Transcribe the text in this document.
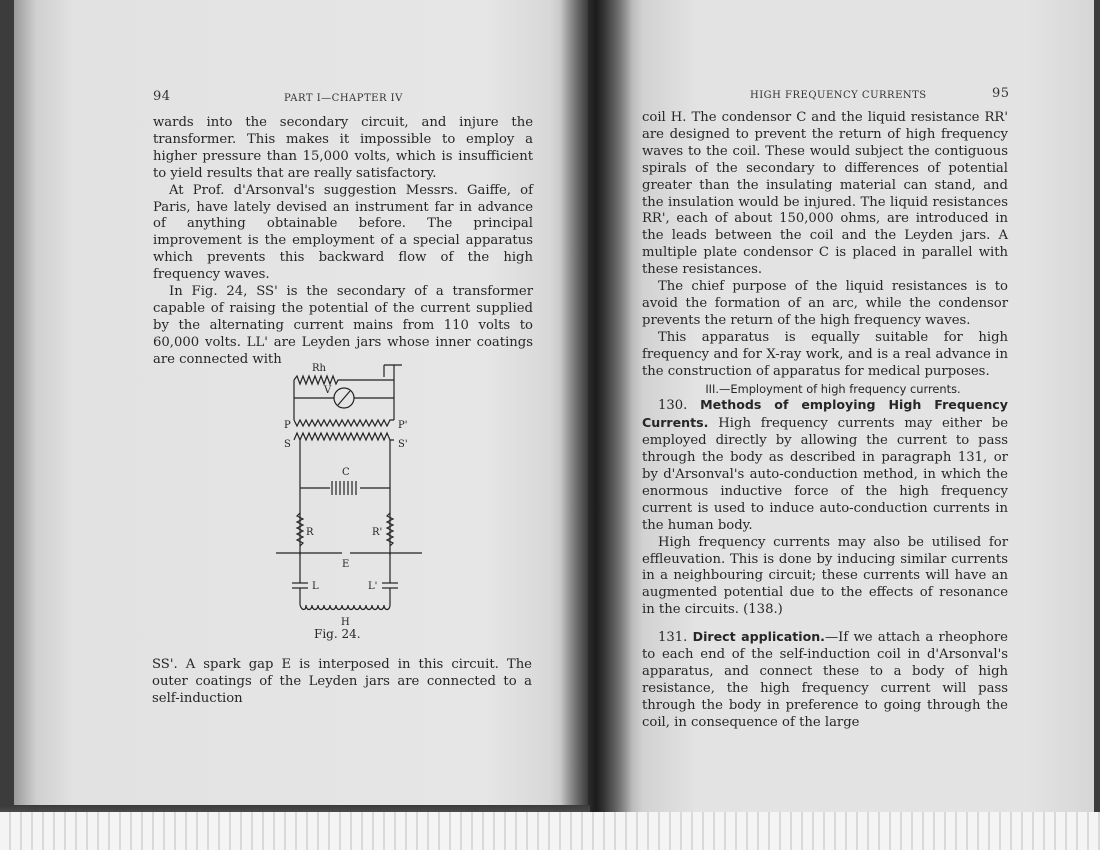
94	PART I—CHAPTER IV

wards into the secondary circuit, and injure the transformer. This makes it impossible to employ a higher pressure than 15,000 volts, which is insufficient to yield results that are really satisfactory.

At Prof. d'Arsonval's suggestion Messrs. Gaiffe, of Paris, have lately devised an instrument far in advance of anything obtainable before. The principal improvement is the employment of a special apparatus which prevents this backward flow of the high frequency waves.

In Fig. 24, SS' is the secondary of a transformer capable of raising the potential of the current supplied by the alternating current mains from 110 volts to 60,000 volts. LL' are Leyden jars whose inner coatings are connected with

Rh
V
P	P'
S	S'
C
R	R'
E
L	L'
H
Fig. 24.

SS'. A spark gap E is interposed in this circuit. The outer coatings of the Leyden jars are connected to a self-induction

HIGH FREQUENCY CURRENTS	95

coil H. The condensor C and the liquid resistance RR' are designed to prevent the return of high frequency waves to the coil. These would subject the contiguous spirals of the secondary to differences of potential greater than the insulating material can stand, and the insulation would be injured. The liquid resistances RR', each of about 150,000 ohms, are introduced in the leads between the coil and the Leyden jars. A multiple plate condensor C is placed in parallel with these resistances.

The chief purpose of the liquid resistances is to avoid the formation of an arc, while the condensor prevents the return of the high frequency waves.

This apparatus is equally suitable for high frequency and for X-ray work, and is a real advance in the construction of apparatus for medical purposes.

III.—Employment of high frequency currents.

130. Methods of employing High Frequency Currents. High frequency currents may either be employed directly by allowing the current to pass through the body as described in paragraph 131, or by d'Arsonval's auto-conduction method, in which the enormous inductive force of the high frequency current is used to induce auto-conduction currents in the human body.

High frequency currents may also be utilised for effleuvation. This is done by inducing similar currents in a neighbouring circuit; these currents will have an augmented potential due to the effects of resonance in the circuits. (138.)

131. Direct application.—If we attach a rheophore to each end of the self-induction coil in d'Arsonval's apparatus, and connect these to a body of high resistance, the high frequency current will pass through the body in preference to going through the coil, in consequence of the large
